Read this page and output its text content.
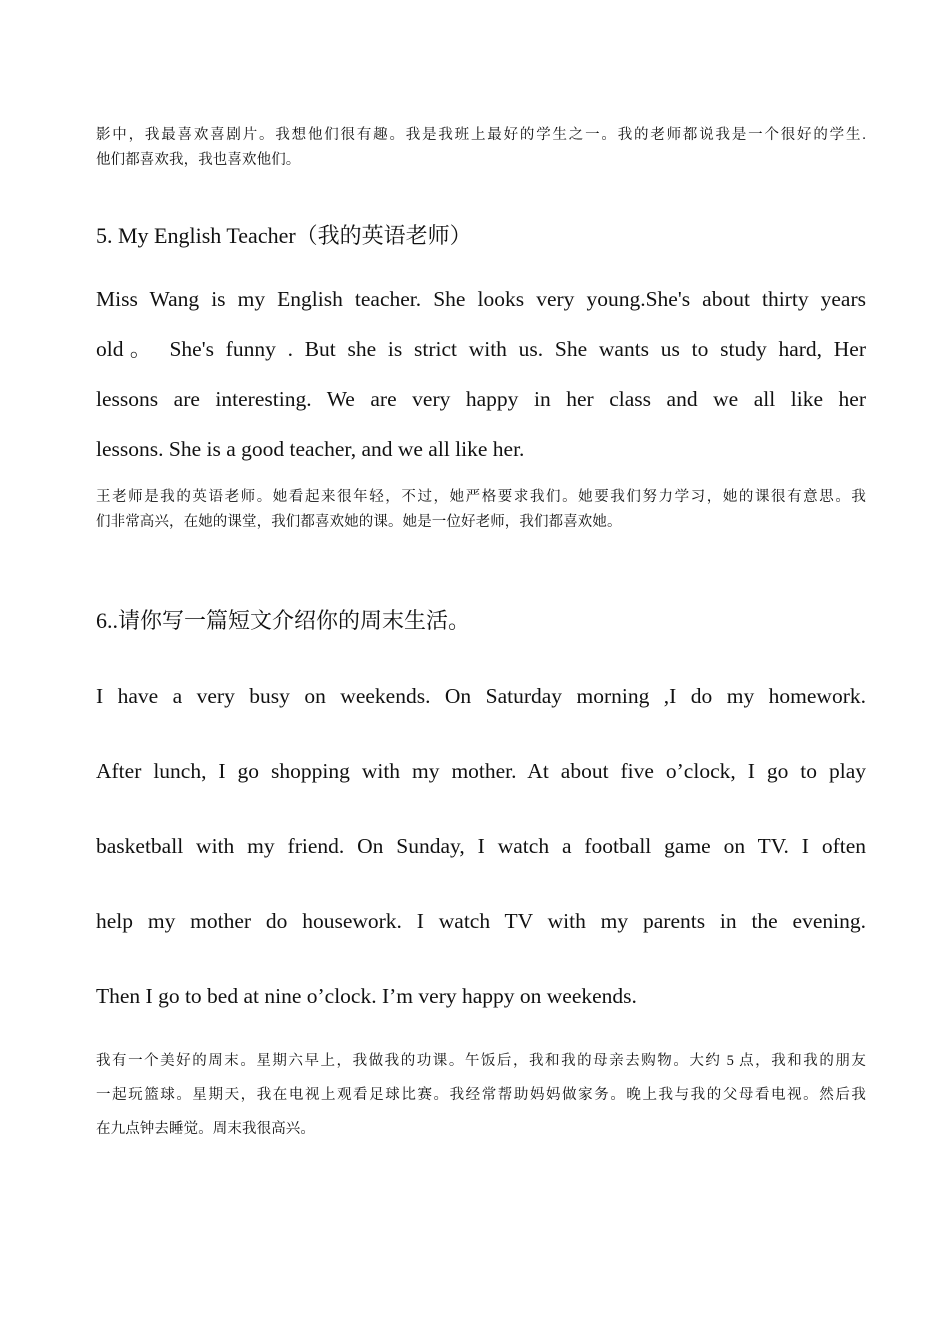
影中，我最喜欢喜剧片。我想他们很有趣。我是我班上最好的学生之一。我的老师都说我是一个很好的学生.
他们都喜欢我，我也喜欢他们。
5. My English Teacher（我的英语老师）
Miss Wang is my English teacher. She looks very young.She's about thirty years
old。 She's funny . But she is strict with us. She wants us to study hard, Her
lessons are interesting. We are very happy in her class and we all like her
lessons. She is a good teacher, and we all like her.
王老师是我的英语老师。她看起来很年轻，不过，她严格要求我们。她要我们努力学习，她的课很有意思。我
们非常高兴，在她的课堂，我们都喜欢她的课。她是一位好老师，我们都喜欢她。
6..请你写一篇短文介绍你的周末生活。
I have a very busy on weekends. On Saturday morning ,I do my homework.
After lunch, I go shopping with my mother. At about five o’clock, I go to play
basketball with my friend. On Sunday, I watch a football game on TV. I often
help my mother do housework. I watch TV with my parents in the evening.
Then I go to bed at nine o’clock. I’m very happy on weekends.
我有一个美好的周末。星期六早上，我做我的功课。午饭后，我和我的母亲去购物。大约 5 点，我和我的朋友
一起玩篮球。星期天，我在电视上观看足球比赛。我经常帮助妈妈做家务。晚上我与我的父母看电视。然后我
在九点钟去睡觉。周末我很高兴。
